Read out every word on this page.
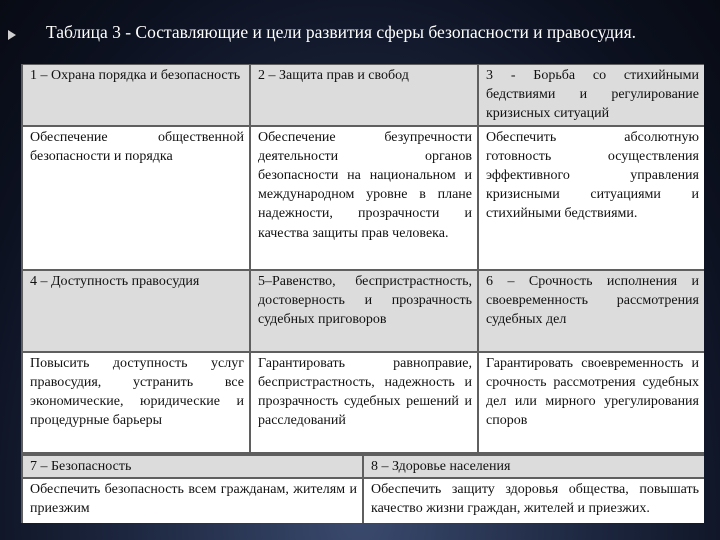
Таблица 3 - Составляющие и цели развития сферы безопасности и правосудия.
1 – Охрана порядка и безопасность	2 – Защита прав и свобод	3 - Борьба со стихийными бедствиями и регулирование кризисных ситуаций
Обеспечение общественной безопасности и порядка	Обеспечение безупречности деятельности органов безопасности на национальном и международном уровне в плане надежности, прозрачности и качества защиты прав человека.	Обеспечить абсолютную готовность осуществления эффективного управления кризисными ситуациями и стихийными бедствиями.
4 – Доступность правосудия	5–Равенство, беспристрастность, достоверность и прозрачность судебных приговоров	6 – Срочность исполнения и своевременность рассмотрения судебных дел
Повысить доступность услуг правосудия, устранить все экономические, юридические и процедурные барьеры	Гарантировать равноправие, беспристрастность, надежность и прозрачность судебных решений и расследований	Гарантировать своевременность и срочность рассмотрения судебных дел или мирного урегулирования споров
7 – Безопасность	8 – Здоровье населения
Обеспечить безопасность всем гражданам, жителям и приезжим	Обеспечить защиту здоровья общества, повышать качество жизни граждан, жителей и приезжих.
